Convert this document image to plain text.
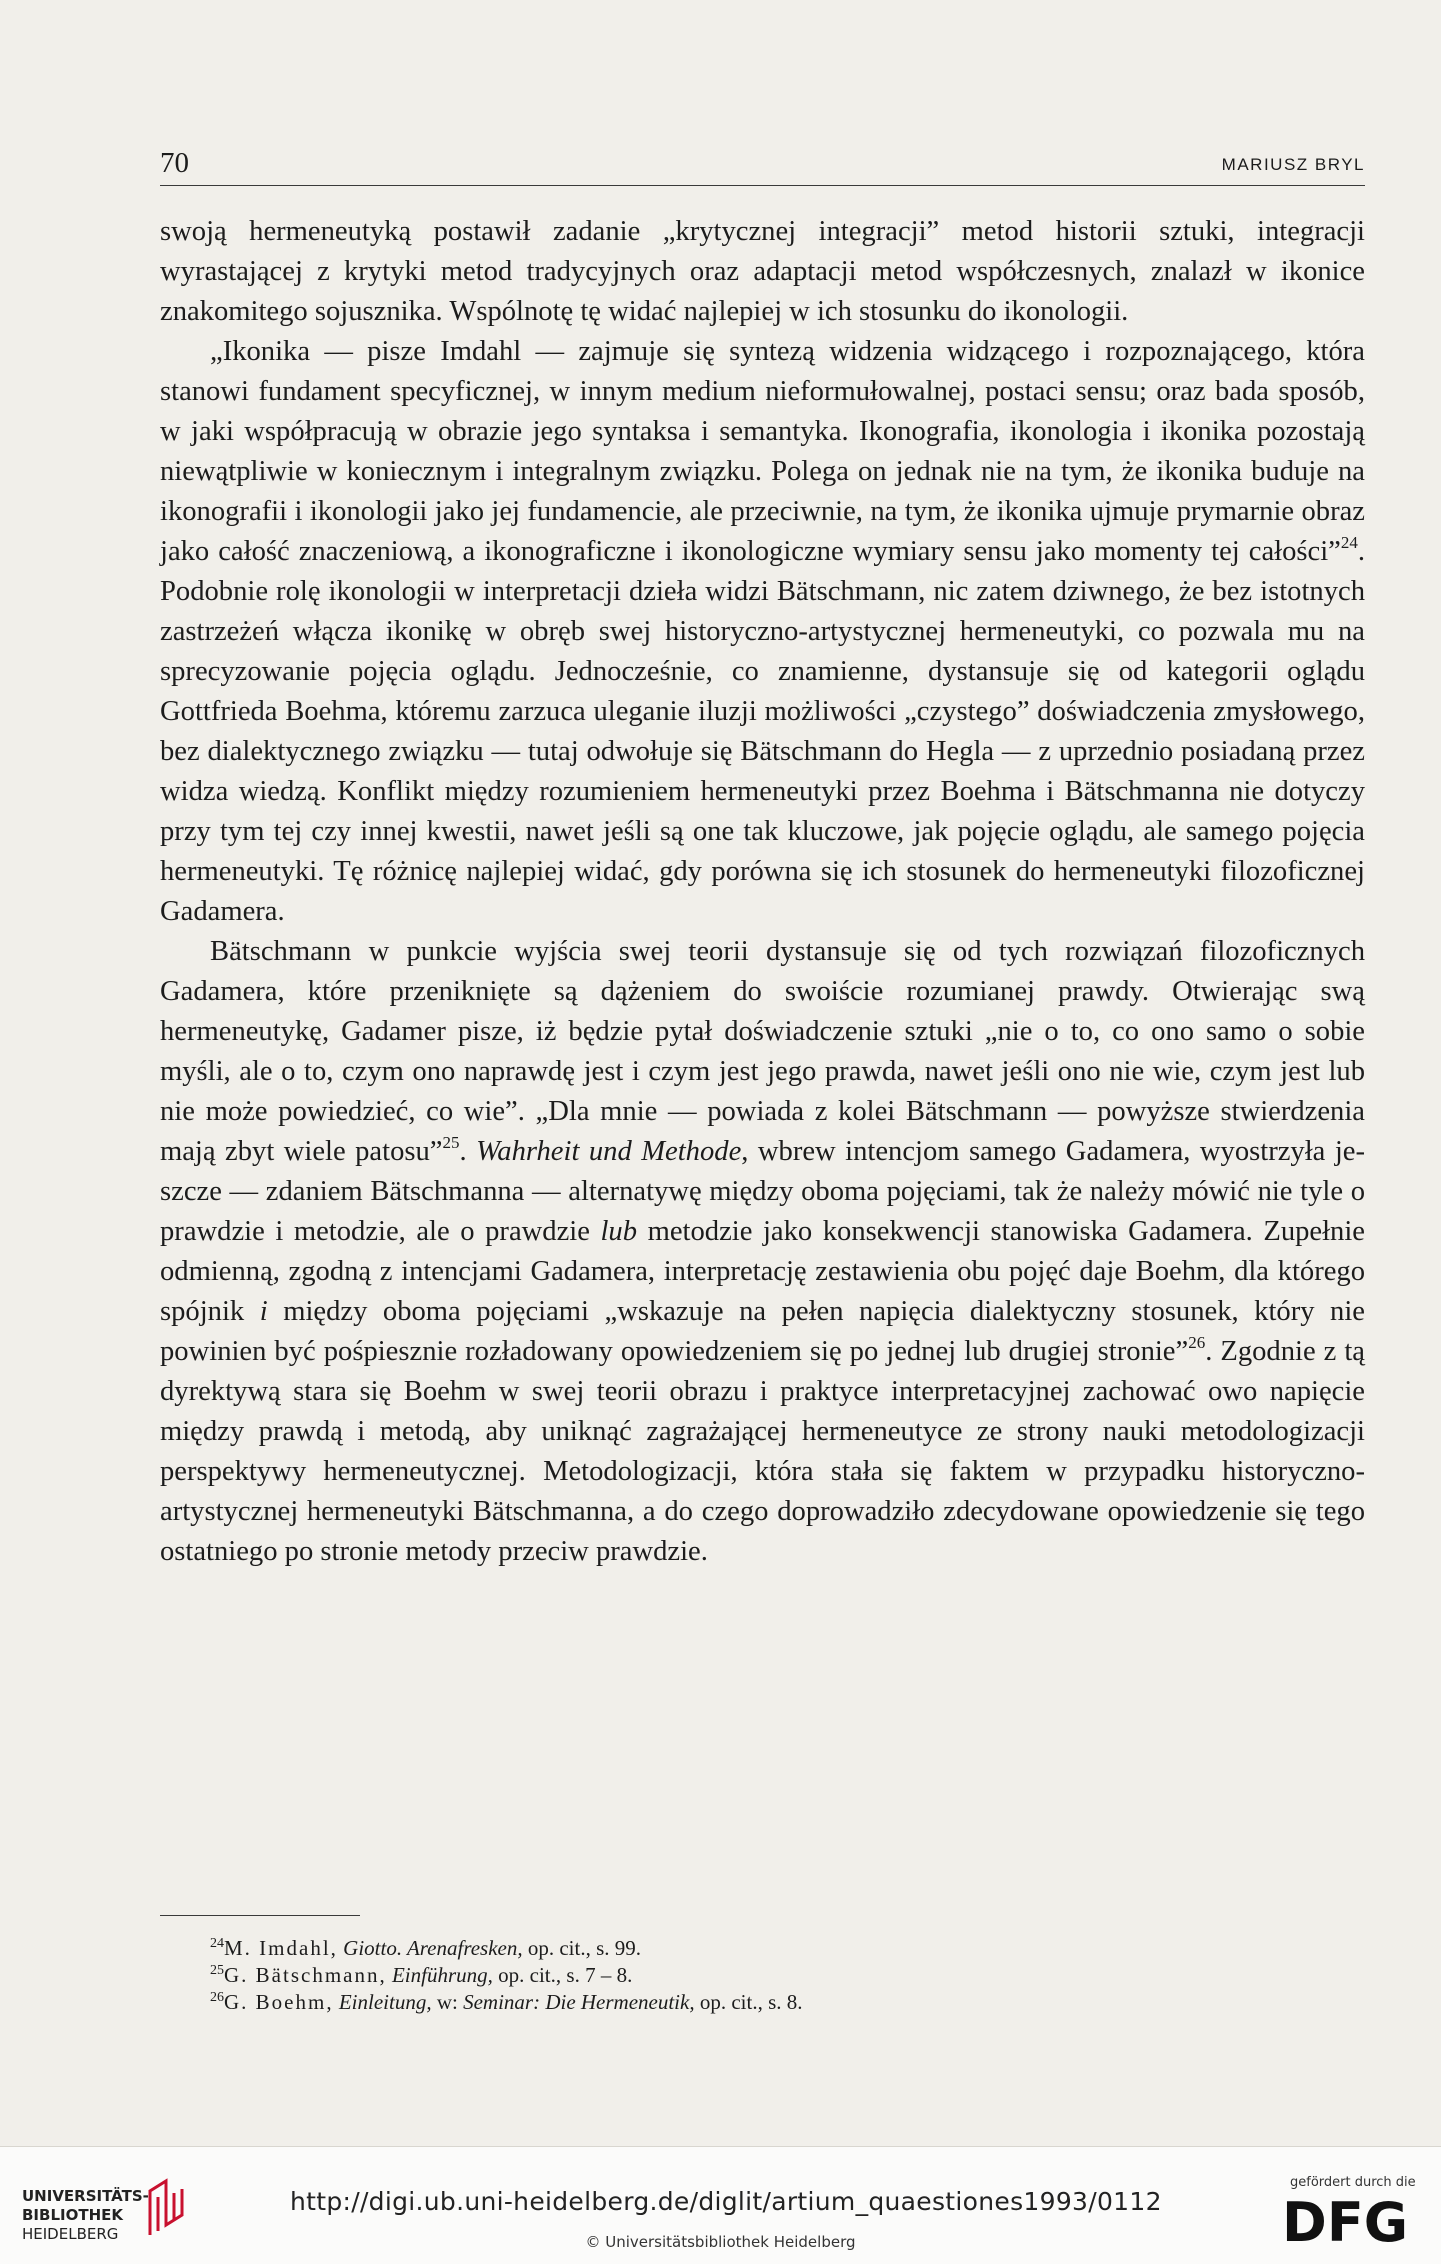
70	MARIUSZ BRYL

swoją hermeneutyką postawił zadanie „krytycznej integracji” metod historii sztuki, integracji wyrastającej z krytyki metod tradycyjnych oraz adaptacji metod współczesnych, znalazł w ikonice znakomitego sojusznika. Wspólnotę tę widać najlepiej w ich stosunku do ikonologii.

„Ikonika — pisze Imdahl — zajmuje się syntezą widzenia widzącego i rozpoznającego, która stanowi fundament specyficznej, w innym medium nieformułowalnej, postaci sensu; oraz bada sposób, w jaki współpracują w obrazie jego syntaksa i semantyka. Ikonografia, ikonologia i ikonika pozostają niewątpliwie w koniecznym i integralnym związku. Polega on jednak nie na tym, że ikonika buduje na ikonografii i ikonologii jako jej fundamencie, ale przeciwnie, na tym, że ikonika ujmuje prymarnie obraz jako całość znaczeniową, a ikonograficzne i ikonologiczne wymiary sensu jako momenty tej całości”$^{24}$. Podobnie rolę ikonologii w interpretacji dzieła widzi Bätschmann, nic zatem dziwnego, że bez istotnych zastrzeżeń włącza ikonikę w obręb swej historyczno-artystycznej hermeneutyki, co pozwala mu na sprecyzowanie pojęcia oglądu. Jednocześnie, co znamienne, dystansuje się od kategorii oglądu Gottfrieda Boehma, któremu zarzuca uleganie iluzji możliwości „czystego” doświadczenia zmysłowego, bez dialektycznego związku — tutaj odwołuje się Bätschmann do Hegla — z uprzednio posiadaną przez widza wiedzą. Konflikt między rozumieniem hermeneutyki przez Boehma i Bätschmanna nie dotyczy przy tym tej czy innej kwestii, nawet jeśli są one tak kluczowe, jak pojęcie oglądu, ale samego pojęcia hermeneutyki. Tę różnicę najlepiej widać, gdy porówna się ich stosunek do hermeneutyki filozoficznej Gadamera.

Bätschmann w punkcie wyjścia swej teorii dystansuje się od tych rozwiązań filozoficznych Gadamera, które przeniknięte są dążeniem do swoiście rozumianej prawdy. Otwierając swą hermeneutykę, Gadamer pisze, iż będzie pytał doświadczenie sztuki „nie o to, co ono samo o sobie myśli, ale o to, czym ono naprawdę jest i czym jest jego prawda, nawet jeśli ono nie wie, czym jest lub nie może powiedzieć, co wie”. „Dla mnie — powiada z kolei Bätschmann — powyższe stwierdzenia mają zbyt wiele patosu”$^{25}$. Wahrheit und Methode, wbrew intencjom samego Gadamera, wyostrzyła jeszcze — zdaniem Bätschmanna — alternatywę między oboma pojęciami, tak że należy mówić nie tyle o prawdzie i metodzie, ale o prawdzie lub metodzie jako konsekwencji stanowiska Gadamera. Zupełnie odmienną, zgodną z intencjami Gadamera, interpretację zestawienia obu pojęć daje Boehm, dla którego spójnik i między oboma pojęciami „wskazuje na pełen napięcia dialektyczny stosunek, który nie powinien być pośpiesznie rozładowany opowiedzeniem się po jednej lub drugiej stronie”$^{26}$. Zgodnie z tą dyrektywą stara się Boehm w swej teorii obrazu i praktyce interpretacyjnej zachować owo napięcie między prawdą i metodą, aby uniknąć zagrażającej hermeneutyce ze strony nauki metodologizacji perspektywy hermeneutycznej. Metodologizacji, która stała się faktem w przypadku historyczno-artystycznej hermeneutyki Bätschmanna, a do czego doprowadziło zdecydowane opowiedzenie się tego ostatniego po stronie metody przeciw prawdzie.

$^{24}$M. Imdahl, Giotto. Arenafresken, op. cit., s. 99.
$^{25}$G. Bätschmann, Einführung, op. cit., s. 7 – 8.
$^{26}$G. Boehm, Einleitung, w: Seminar: Die Hermeneutik, op. cit., s. 8.
UNIVERSITÄTS-
BIBLIOTHEK
HEIDELBERG
http://digi.ub.uni-heidelberg.de/diglit/artium_quaestiones1993/0112
© Universitätsbibliothek Heidelberg
gefördert durch die
DFG
